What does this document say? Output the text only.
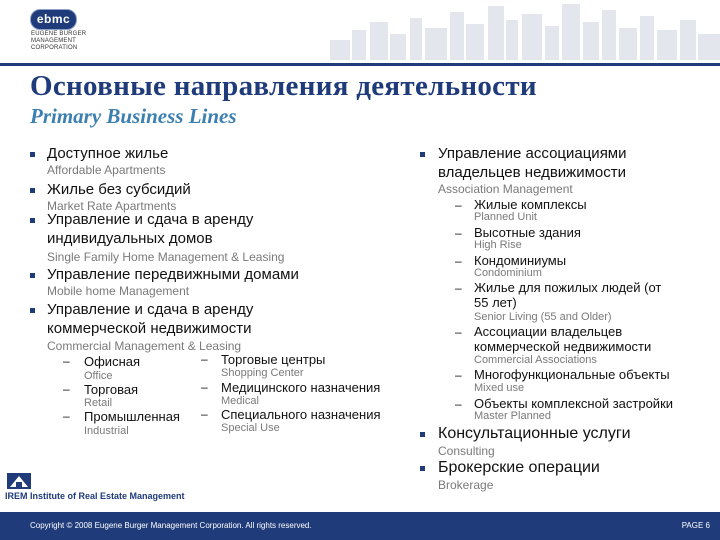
ebmc
EUGENE BURGER
MANAGEMENT
CORPORATION
Основные направления деятельности
Primary Business Lines
Доступное жилье
Affordable Apartments
Жилье без субсидий
Market Rate Apartments
Управление и сдача в аренду индивидуальных домов
Single Family Home Management & Leasing
Управление передвижными домами
Mobile home Management
Управление и сдача в аренду коммерческой недвижимости
Commercial Management & Leasing
– Офисная
Office
– Торговая
Retail
– Промышленная
Industrial
– Торговые центры
Shopping Center
– Медицинского назначения
Medical
– Специального назначения
Special Use
Управление ассоциациями владельцев недвижимости
Association Management
– Жилые комплексы
Planned Unit
– Высотные здания
High Rise
– Кондоминиумы
Condominium
– Жилье для пожилых людей (от 55 лет)
Senior Living (55 and Older)
– Ассоциации владельцев коммерческой недвижимости
Commercial Associations
– Многофункциональные объекты
Mixed use
– Объекты комплексной застройки
Master Planned
Консультационные услуги
Consulting
Брокерские операции
Brokerage
IREM Institute of Real Estate Management
Copyright © 2008 Eugene Burger Management Corporation. All rights reserved.	PAGE 6
